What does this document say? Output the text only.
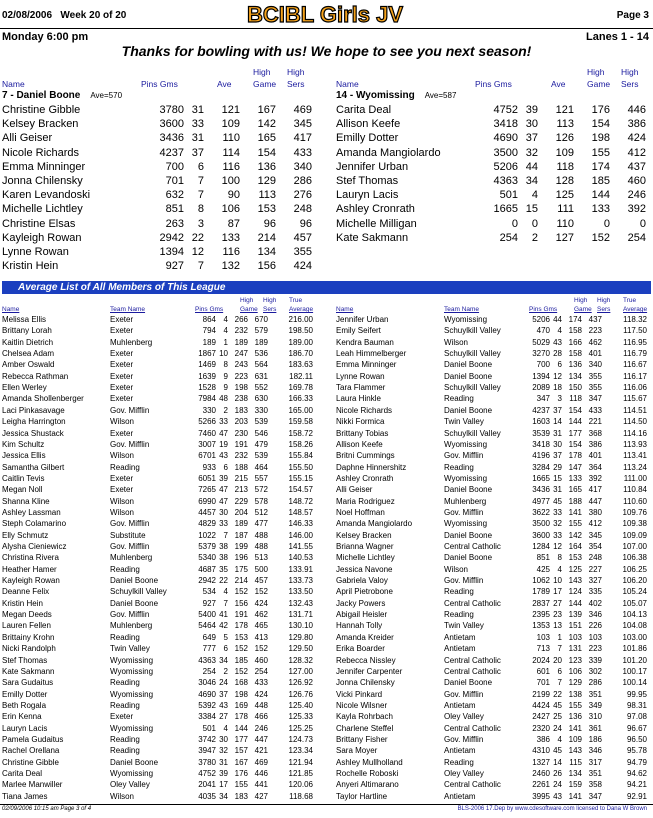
02/08/2006 Week 20 of 20	BCIBL Girls JV	Page 3
Monday 6:00 pm	Lanes 1 - 14
Thanks for bowling with us! We hope to see you next season!
Name	Pins Gms	Ave
High
Game
High
Sers	Name	Pins Gms	Ave
High
Game
High
Sers
7 - Daniel Boone Ave=570
Christine Gibble	3780 31	121	167	469
Kelsey Bracken	3600 33	109	142	345
Alli Geiser	3436 31	110	165	417
Nicole Richards	4237 37	114	154	433
Emma Minninger	700	6	116	136	340
Jonna Chilensky	701	7	100	129	286
Karen Levandoski	632	7	90	113	276
Michelle Lichtley	851	8	106	153	248
Christine Elsas	263	3	87	96	96
Kayleigh Rowan	2942 22	133	214	457
Lynne Rowan	1394 12	116	134	355
Kristin Hein	927	7	132	156	424
14 - Wyomissing Ave=587
Carita Deal	4752 39	121	176	446
Allison Keefe	3418 30	113	154	386
Emilly Dotter	4690 37	126	198	424
Amanda Mangiolardo	3500 32	109	155	412
Jennifer Urban	5206 44	118	174	437
Stef Thomas	4363 34	128	185	460
Lauryn Lacis	501	4	125	144	246
Ashley Cronrath	1665 15	111	133	392
Michelle Milligan	0	0	110	0	0
Kate Sakmann	254	2	127	152	254
Average List of All Members of This League
Name	Team Name	Pins Gms
High
Game
High
Sers
True
Average	Name	Team Name	Pins Gms
High
Game
High
Sers
True
Average
Melissa Ellis	Exeter	864 4 266 670	216.00
Brittany Lorah	Exeter	794 4 232 579	198.50
Kaitlin Dietrich	Muhlenberg	189 1 189 189	189.00
Chelsea Adam	Exeter	1867 10 247 536	186.70
Amber Oswald	Exeter	1469 8 243 564	183.63
Rebecca Rathman	Exeter	1639 9 223 631	182.11
Ellen Werley	Exeter	1528 9 198 552	169.78
Amanda Shollenberger	Exeter	7984 48 238 630	166.33
Laci Pinkasavage	Gov. Mifflin	330 2 183 330	165.00
Leigha Harrington	Wilson	5266 33 203 539	159.58
Jessica Shustack	Exeter	7460 47 230 546	158.72
Kim Schultz	Gov. Mifflin	3007 19 191 479	158.26
Jessica Ellis	Wilson	6701 43 232 539	155.84
Samantha Gilbert	Reading	933 6 188 464	155.50
Caitlin Tevis	Exeter	6051 39 215 557	155.15
Megan Noll	Exeter	7265 47 213 572	154.57
Shanna Kline	Wilson	6990 47 229 578	148.72
Ashley Lassman	Wilson	4457 30 204 512	148.57
Steph Colamarino	Gov. Mifflin	4829 33 189 477	146.33
Elly Schmutz	Substitute	1022 7 187 488	146.00
Alysha Cieniewicz	Gov. Mifflin	5379 38 199 488	141.55
Christina Rivera	Muhlenberg	5340 38 196 513	140.53
Heather Hamer	Reading	4687 35 175 500	133.91
Kayleigh Rowan	Daniel Boone	2942 22 214 457	133.73
Deanne Felix	Schuylkill Valley	534 4 152 152	133.50
Kristin Hein	Daniel Boone	927 7 156 424	132.43
Megan Deeds	Gov. Mifflin	5400 41 191 462	131.71
Lauren Fellen	Muhlenberg	5464 42 178 465	130.10
Brittainy Krohn	Reading	649 5 153 413	129.80
Nicki Randolph	Twin Valley	777 6 152 152	129.50
Stef Thomas	Wyomissing	4363 34 185 460	128.32
Kate Sakmann	Wyomissing	254 2 152 254	127.00
Sara Gudaitus	Reading	3046 24 168 433	126.92
Emilly Dotter	Wyomissing	4690 37 198 424	126.76
Beth Rogala	Reading	5392 43 169 448	125.40
Erin Kenna	Exeter	3384 27 178 466	125.33
Lauryn Lacis	Wyomissing	501 4 144 246	125.25
Pamela Gudaitus	Reading	3742 30 177 447	124.73
Rachel Orellana	Reading	3947 32 157 421	123.34
Christine Gibble	Daniel Boone	3780 31 167 469	121.94
Carita Deal	Wyomissing	4752 39 176 446	121.85
Marlee Manwiller	Oley Valley	2041 17 155 441	120.06
Tiana James	Wilson	4035 34 183 427	118.68
Jennifer Urban	Wyomissing	5206 44 174 437	118.32
Emily Seifert	Schuylkill Valley	470 4 158 223	117.50
Kendra Bauman	Wilson	5029 43 166 462	116.95
Leah Himmelberger	Schuylkill Valley	3270 28 158 401	116.79
Emma Minninger	Daniel Boone	700 6 136 340	116.67
Lynne Rowan	Daniel Boone	1394 12 134 355	116.17
Tara Flammer	Schuylkill Valley	2089 18 150 355	116.06
Laura Hinkle	Reading	347 3 118 347	115.67
Nicole Richards	Daniel Boone	4237 37 154 433	114.51
Nikki Formica	Twin Valley	1603 14 144 221	114.50
Brittany Tobias	Schuylkill Valley	3539 31 177 368	114.16
Allison Keefe	Wyomissing	3418 30 154 386	113.93
Britni Cummings	Gov. Mifflin	4196 37 178 401	113.41
Daphne Hinnershitz	Reading	3284 29 147 364	113.24
Ashley Cronrath	Wyomissing	1665 15 133 392	111.00
Alli Geiser	Daniel Boone	3436 31 165 417	110.84
Maria Rodriguez	Muhlenberg	4977 45 188 447	110.60
Noel Hoffman	Gov. Mifflin	3622 33 141 380	109.76
Amanda Mangiolardo	Wyomissing	3500 32 155 412	109.38
Kelsey Bracken	Daniel Boone	3600 33 142 345	109.09
Brianna Wagner	Central Catholic	1284 12 164 354	107.00
Michelle Lichtley	Daniel Boone	851 8 153 248	106.38
Jessica Navone	Wilson	425 4 125 227	106.25
Gabriela Valoy	Gov. Mifflin	1062 10 143 327	106.20
April Pietrobone	Reading	1789 17 124 335	105.24
Jacky Powers	Central Catholic	2837 27 144 402	105.07
Abigail Heisler	Reading	2395 23 139 346	104.13
Hannah Tolly	Twin Valley	1353 13 151 226	104.08
Amanda Kreider	Antietam	103 1 103 103	103.00
Erika Boarder	Antietam	713 7 131 223	101.86
Rebecca Nissley	Central Catholic	2024 20 123 339	101.20
Jennifer Carpenter	Central Catholic	601 6 106 302	100.17
Jonna Chilensky	Daniel Boone	701 7 129 286	100.14
Vicki Pinkard	Gov. Mifflin	2199 22 138 351	99.95
Nicole Wilsner	Antietam	4424 45 155 349	98.31
Kayla Rohrbach	Oley Valley	2427 25 136 310	97.08
Charlene Steffel	Central Catholic	2320 24 141 361	96.67
Brittany Fisher	Gov. Mifflin	386 4 109 186	96.50
Sara Moyer	Antietam	4310 45 143 346	95.78
Ashley Mullholland	Reading	1327 14 115 317	94.79
Rochelle Roboski	Oley Valley	2460 26 134 351	94.62
Anyeri Altimarano	Central Catholic	2261 24 159 358	94.21
Taylor Hartline	Antietam	3995 43 141 347	92.91
02/09/2006 10:15 am Page 3 of 4	BLS-2006 17.Dep by www.cdesoftware.com licensed to Dana W Brown
